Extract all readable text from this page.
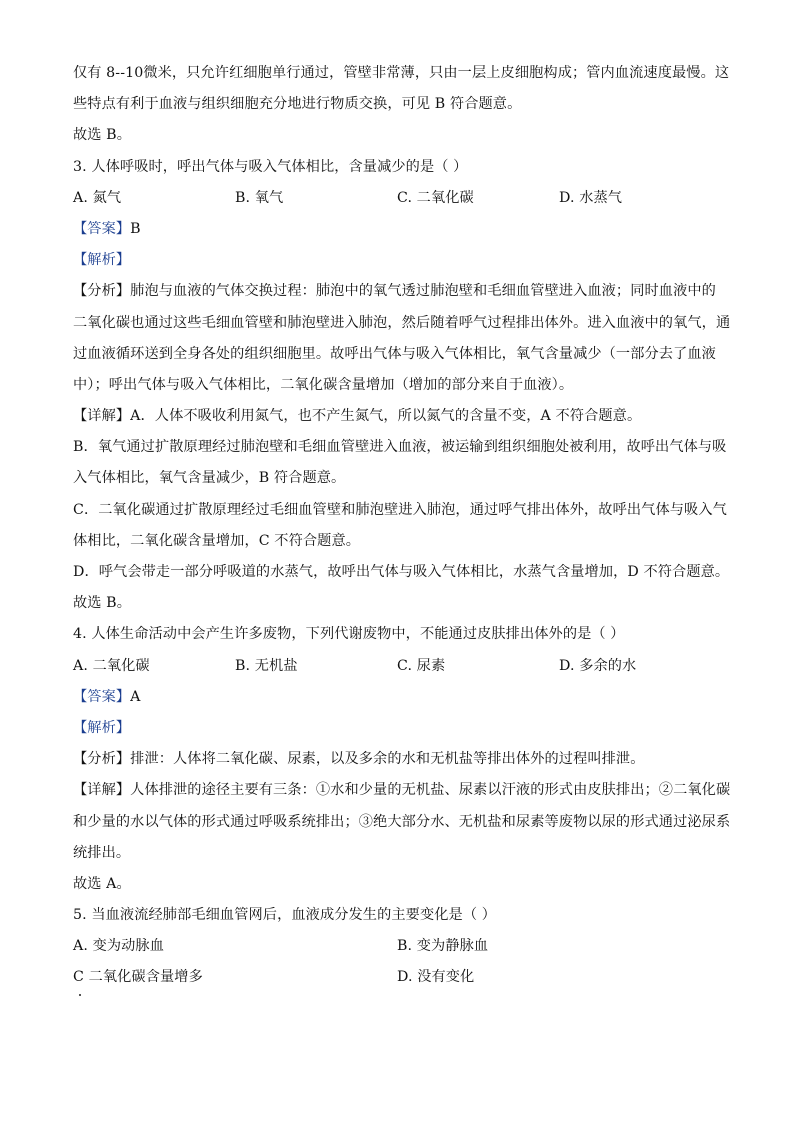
仅有 8--10微米，只允许红细胞单行通过，管壁非常薄，只由一层上皮细胞构成；管内血流速度最慢。这
些特点有利于血液与组织细胞充分地进行物质交换，可见 B 符合题意。
故选 B。
3. 人体呼吸时，呼出气体与吸入气体相比，含量减少的是（ ）
A. 氮气	B. 氧气	C. 二氧化碳	D. 水蒸气
【答案】B
【解析】
【分析】肺泡与血液的气体交换过程：肺泡中的氧气透过肺泡壁和毛细血管壁进入血液；同时血液中的
二氧化碳也通过这些毛细血管壁和肺泡壁进入肺泡，然后随着呼气过程排出体外。进入血液中的氧气，通
过血液循环送到全身各处的组织细胞里。故呼出气体与吸入气体相比，氧气含量减少（一部分去了血液
中）；呼出气体与吸入气体相比，二氧化碳含量增加（增加的部分来自于血液）。
【详解】A．人体不吸收利用氮气，也不产生氮气，所以氮气的含量不变，A 不符合题意。
B．氧气通过扩散原理经过肺泡壁和毛细血管壁进入血液，被运输到组织细胞处被利用，故呼出气体与吸
入气体相比，氧气含量减少，B 符合题意。
C．二氧化碳通过扩散原理经过毛细血管壁和肺泡壁进入肺泡，通过呼气排出体外，故呼出气体与吸入气
体相比，二氧化碳含量增加，C 不符合题意。
D．呼气会带走一部分呼吸道的水蒸气，故呼出气体与吸入气体相比，水蒸气含量增加，D 不符合题意。
故选 B。
4. 人体生命活动中会产生许多废物，下列代谢废物中，不能通过皮肤排出体外的是（ ）
A. 二氧化碳	B. 无机盐	C. 尿素	D. 多余的水
【答案】A
【解析】
【分析】排泄：人体将二氧化碳、尿素，以及多余的水和无机盐等排出体外的过程叫排泄。
【详解】人体排泄的途径主要有三条：①水和少量的无机盐、尿素以汗液的形式由皮肤排出；②二氧化碳
和少量的水以气体的形式通过呼吸系统排出；③绝大部分水、无机盐和尿素等废物以尿的形式通过泌尿系
统排出。
故选 A。
5. 当血液流经肺部毛细血管网后，血液成分发生的主要变化是（ ）
A. 变为动脉血	B. 变为静脉血
C 二氧化碳含量增多	D. 没有变化
